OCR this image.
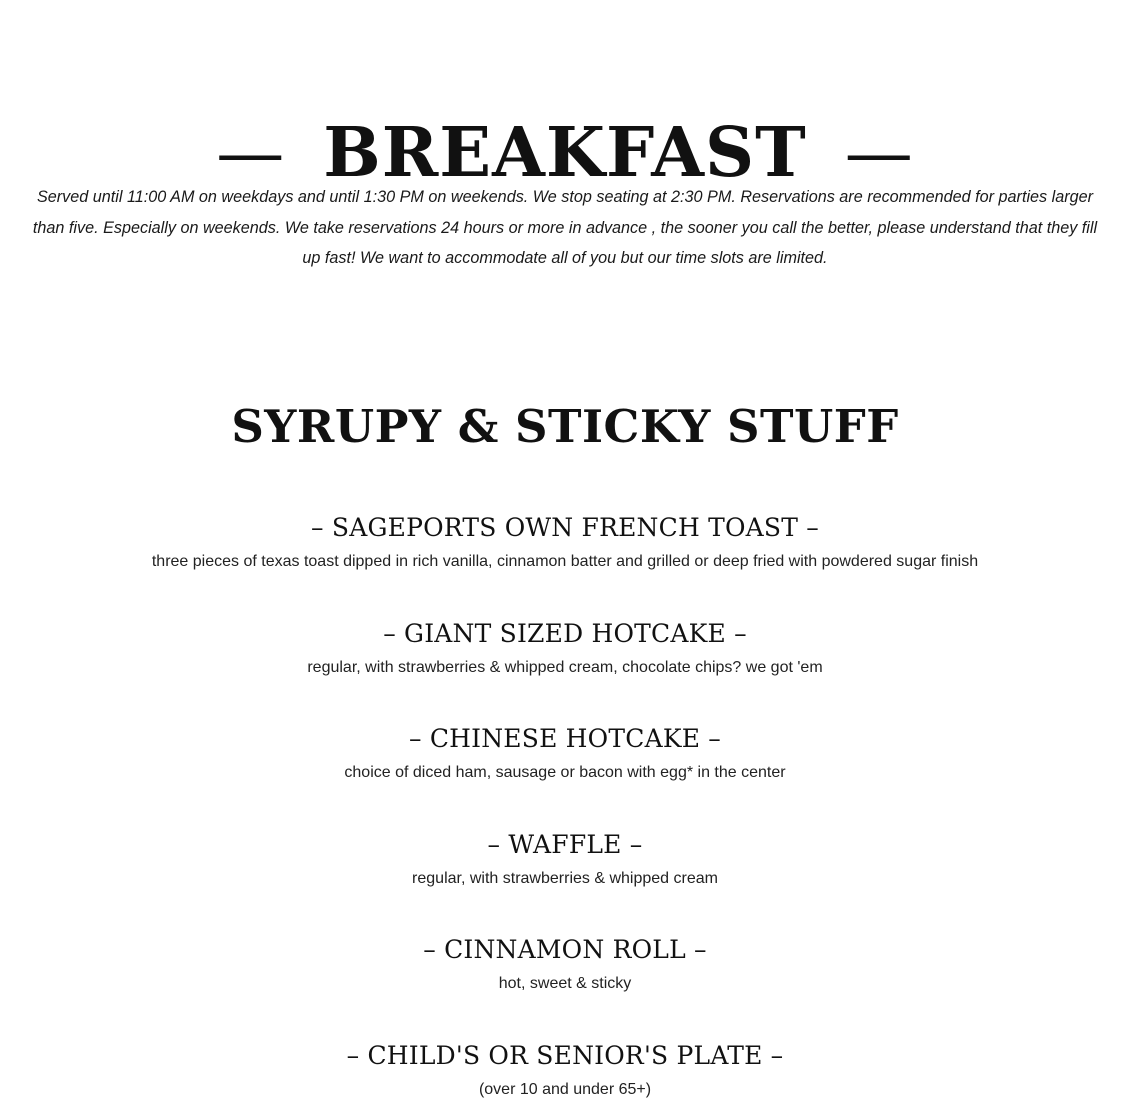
— BREAKFAST —

Served until 11:00 AM on weekdays and until 1:30 PM on weekends. We stop seating at 2:30 PM. Reservations are recommended for parties larger than five. Especially on weekends. We take reservations 24 hours or more in advance , the sooner you call the better, please understand that they fill up fast! We want to accommodate all of you but our time slots are limited.

SYRUPY & STICKY STUFF
– SAGEPORTS OWN FRENCH TOAST –
three pieces of texas toast dipped in rich vanilla, cinnamon batter and grilled or deep fried with powdered sugar finish
– GIANT SIZED HOTCAKE –
regular, with strawberries & whipped cream, chocolate chips? we got 'em
– CHINESE HOTCAKE –
choice of diced ham, sausage or bacon with egg* in the center
– WAFFLE –
regular, with strawberries & whipped cream
– CINNAMON ROLL –
hot, sweet & sticky
– CHILD'S OR SENIOR'S PLATE –
(over 10 and under 65+)
